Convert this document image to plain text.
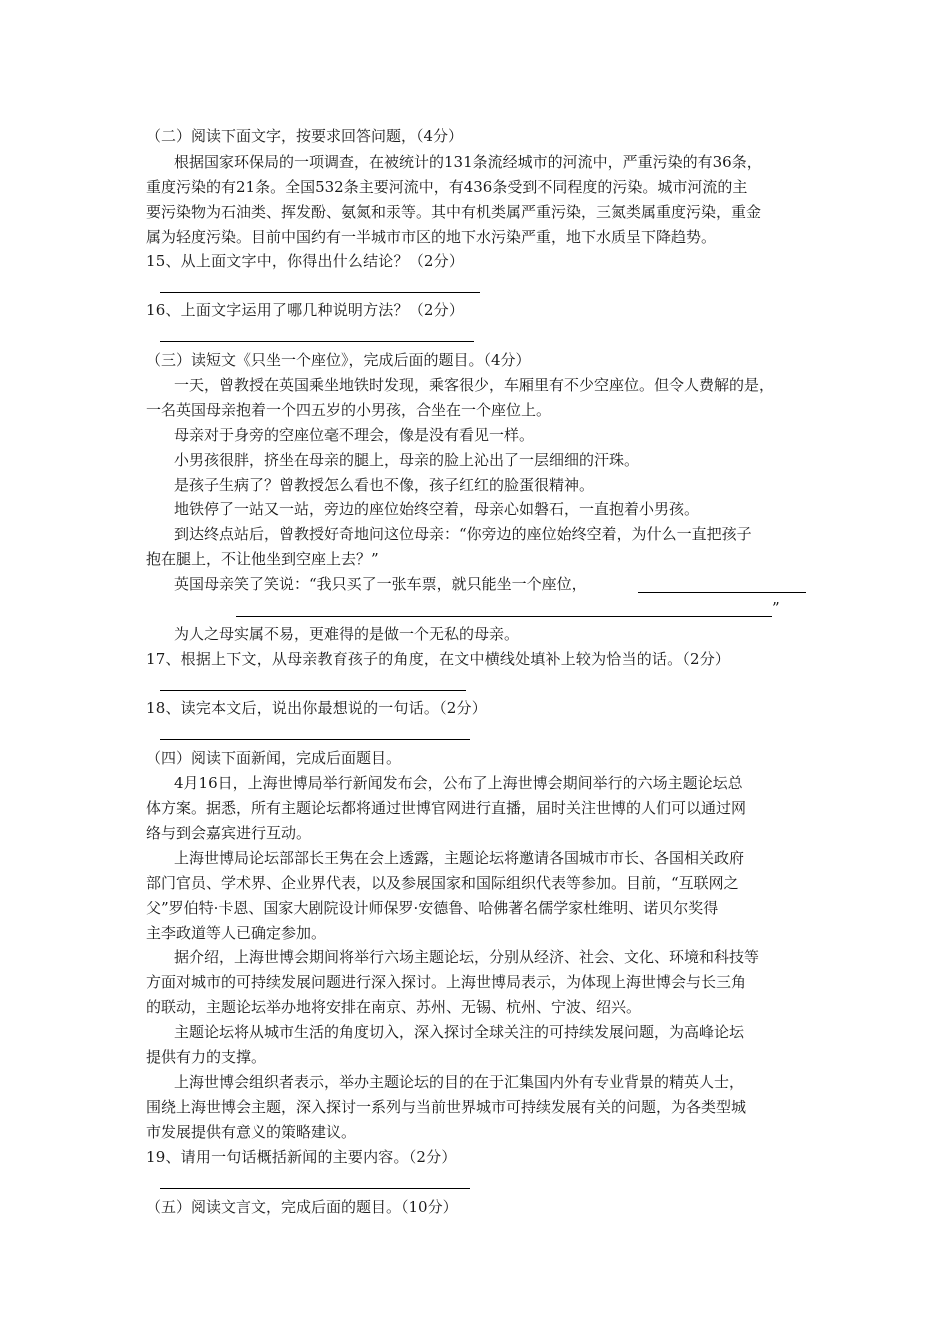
（二）阅读下面文字，按要求回答问题，（4分）
根据国家环保局的一项调查，在被统计的131条流经城市的河流中，严重污染的有36条，
重度污染的有21条。全国532条主要河流中，有436条受到不同程度的污染。城市河流的主
要污染物为石油类、挥发酚、氨氮和汞等。其中有机类属严重污染，三氮类属重度污染，重金
属为轻度污染。目前中国约有一半城市市区的地下水污染严重，地下水质呈下降趋势。
15、从上面文字中，你得出什么结论？（2分）
16、上面文字运用了哪几种说明方法？（2分）
（三）读短文《只坐一个座位》，完成后面的题目。（4分）
一天，曾教授在英国乘坐地铁时发现，乘客很少，车厢里有不少空座位。但令人费解的是，
一名英国母亲抱着一个四五岁的小男孩，合坐在一个座位上。
母亲对于身旁的空座位毫不理会，像是没有看见一样。
小男孩很胖，挤坐在母亲的腿上，母亲的脸上沁出了一层细细的汗珠。
是孩子生病了？曾教授怎么看也不像，孩子红红的脸蛋很精神。
地铁停了一站又一站，旁边的座位始终空着，母亲心如磐石，一直抱着小男孩。
到达终点站后，曾教授好奇地问这位母亲：“你旁边的座位始终空着，为什么一直把孩子
抱在腿上，不让他坐到空座上去？”
英国母亲笑了笑说：“我只买了一张车票，就只能坐一个座位，
”
为人之母实属不易，更难得的是做一个无私的母亲。
17、根据上下文，从母亲教育孩子的角度，在文中横线处填补上较为恰当的话。（2分）
18、读完本文后，说出你最想说的一句话。（2分）
（四）阅读下面新闻，完成后面题目。
4月16日，上海世博局举行新闻发布会，公布了上海世博会期间举行的六场主题论坛总
体方案。据悉，所有主题论坛都将通过世博官网进行直播，届时关注世博的人们可以通过网
络与到会嘉宾进行互动。
上海世博局论坛部部长王隽在会上透露，主题论坛将邀请各国城市市长、各国相关政府
部门官员、学术界、企业界代表，以及参展国家和国际组织代表等参加。目前，“互联网之
父”罗伯特·卡恩、国家大剧院设计师保罗·安德鲁、哈佛著名儒学家杜维明、诺贝尔奖得
主李政道等人已确定参加。
据介绍，上海世博会期间将举行六场主题论坛，分别从经济、社会、文化、环境和科技等
方面对城市的可持续发展问题进行深入探讨。上海世博局表示，为体现上海世博会与长三角
的联动，主题论坛举办地将安排在南京、苏州、无锡、杭州、宁波、绍兴。
主题论坛将从城市生活的角度切入，深入探讨全球关注的可持续发展问题，为高峰论坛
提供有力的支撑。
上海世博会组织者表示，举办主题论坛的目的在于汇集国内外有专业背景的精英人士，
围绕上海世博会主题，深入探讨一系列与当前世界城市可持续发展有关的问题，为各类型城
市发展提供有意义的策略建议。
19、请用一句话概括新闻的主要内容。（2分）
（五）阅读文言文，完成后面的题目。（10分）
